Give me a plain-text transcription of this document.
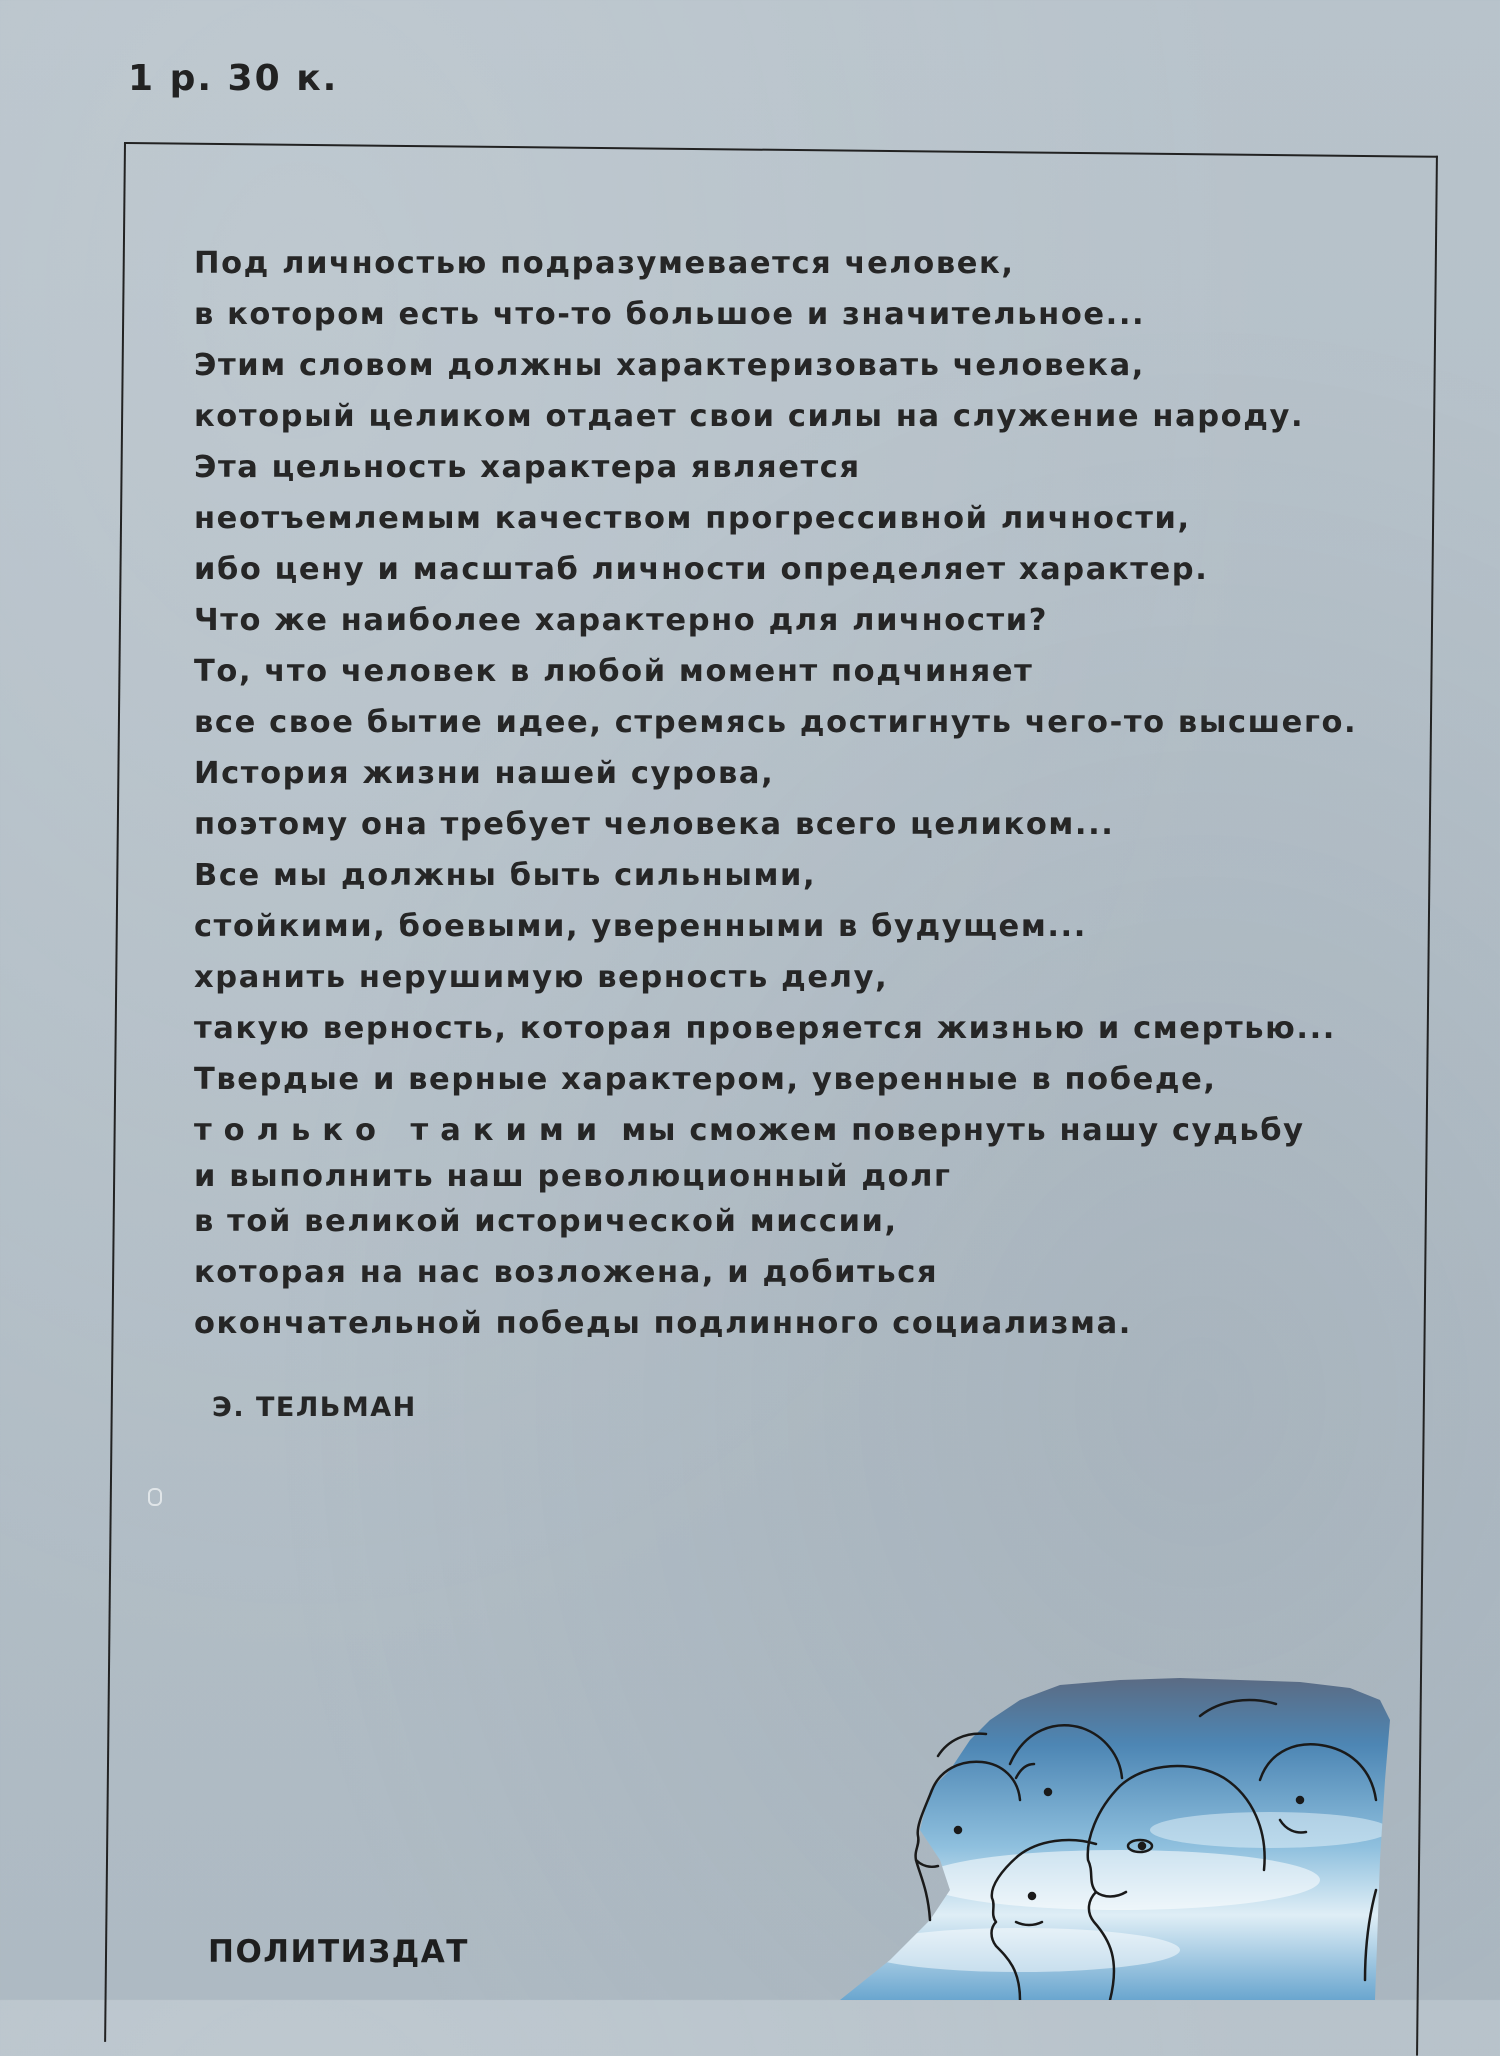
1 р. 30 к.
Под личностью подразумевается человек,
в котором есть что-то большое и значительное...
Этим словом должны характеризовать человека,
который целиком отдает свои силы на служение народу.
Эта цельность характера является
неотъемлемым качеством прогрессивной личности,
ибо цену и масштаб личности определяет характер.
Что же наиболее характерно для личности?
То, что человек в любой момент подчиняет
все свое бытие идее, стремясь достигнуть чего-то высшего.
История жизни нашей сурова,
поэтому она требует человека всего целиком...
Все мы должны быть сильными,
стойкими, боевыми, уверенными в будущем...
хранить нерушимую верность делу,
такую верность, которая проверяется жизнью и смертью...
Твердые и верные характером, уверенные в победе,
только такими мы сможем повернуть нашу судьбу
и выполнить наш революционный долг
в той великой исторической миссии,
которая на нас возложена, и добиться
окончательной победы подлинного социализма.
Э. ТЕЛЬМАН
ПОЛИТИЗДАТ
